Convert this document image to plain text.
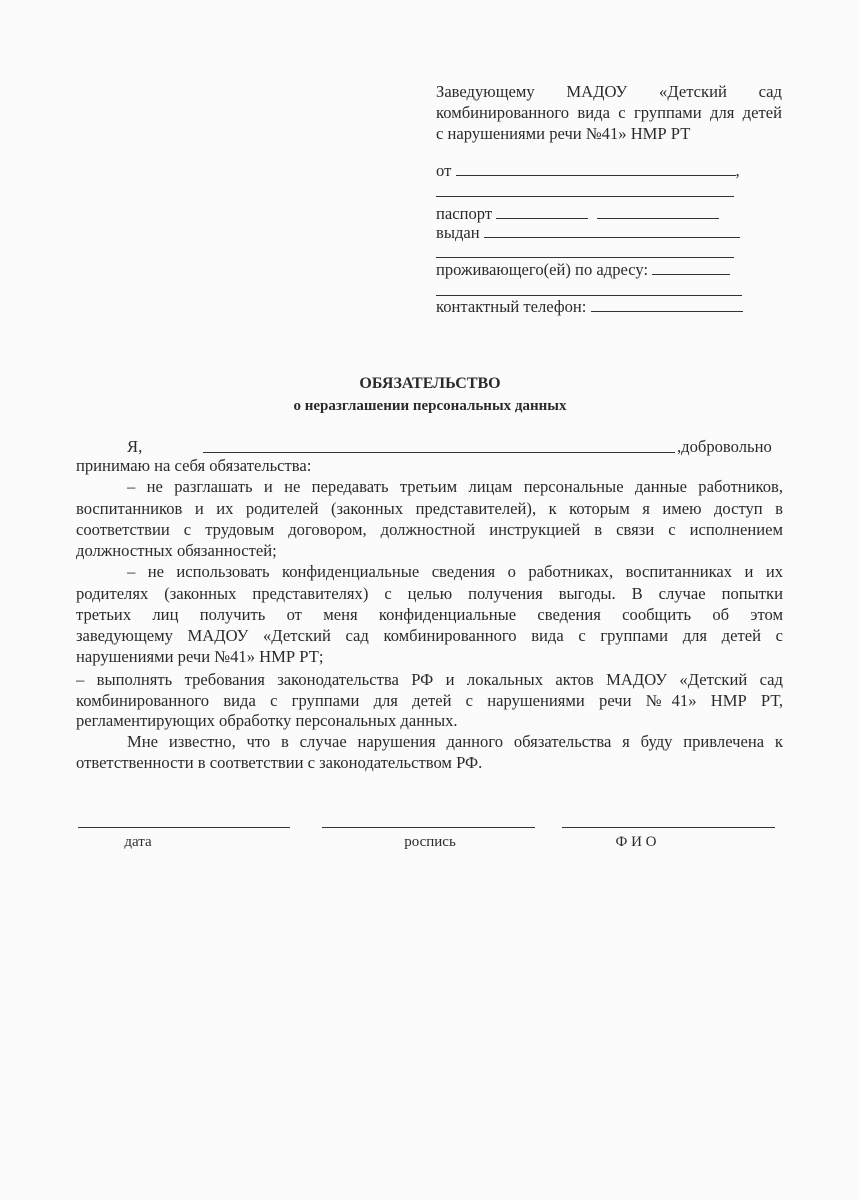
Заведующему МАДОУ «Детский сад
комбинированного вида с группами для детей
с нарушениями речи №41» НМР РТ
от	,
паспорт
выдан
проживающего(ей) по адресу:
контактный телефон:
ОБЯЗАТЕЛЬСТВО
о неразглашении персональных данных
Я,	,добровольно
принимаю на себя обязательства:
– не разглашать и не передавать третьим лицам персональные данные работников,
воспитанников и их родителей (законных представителей), к которым я имею доступ в
соответствии с трудовым договором, должностной инструкцией в связи с исполнением
должностных обязанностей;
– не использовать конфиденциальные сведения о работниках, воспитанниках и их
родителях (законных представителях) с целью получения выгоды. В случае попытки
третьих лиц получить от меня конфиденциальные сведения сообщить об этом
заведующему МАДОУ «Детский сад комбинированного вида с группами для детей с
нарушениями речи №41» НМР РТ;
– выполнять требования законодательства РФ и локальных актов МАДОУ «Детский сад
комбинированного вида с группами для детей с нарушениями речи №41» НМР РТ,
регламентирующих обработку персональных данных.
Мне известно, что в случае нарушения данного обязательства я буду привлечена к
ответственности в соответствии с законодательством РФ.
дата	роспись	Ф И О
